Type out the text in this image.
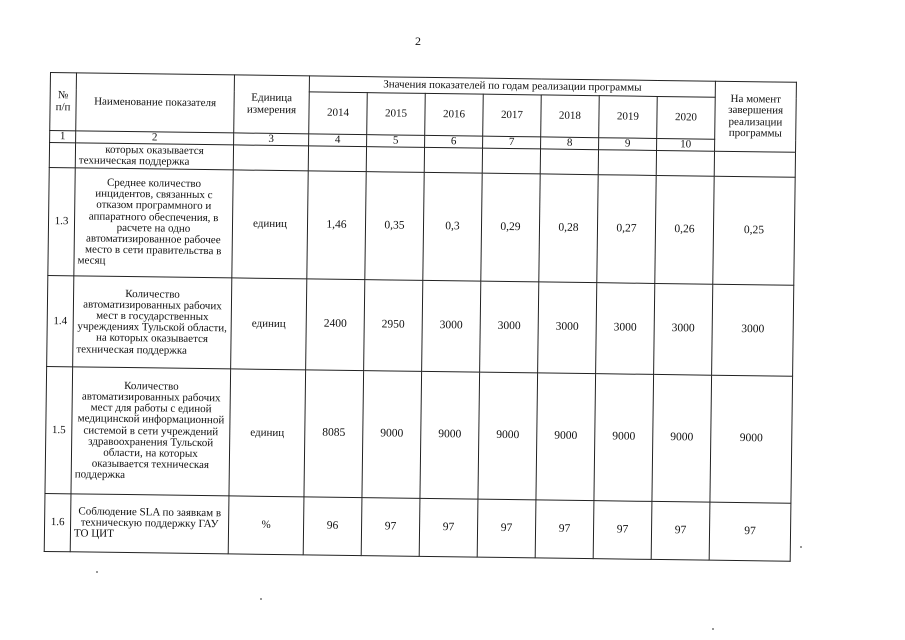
2
№ п/п	Наименование показателя	Единица измерения	Значения показателей по годам реализации программы							На момент завершения реализации программы
			2014	2015	2016	2017	2018	2019	2020	
1	2	3	4	5	6	7	8	9	10	
	которых оказывается техническая поддержка									
1.3	Среднее количество инцидентов, связанных с отказом программного и аппаратного обеспечения, в расчете на одно автоматизированное рабочее место в сети правительства в месяц	единиц	1,46	0,35	0,3	0,29	0,28	0,27	0,26	0,25
1.4	Количество автоматизированных рабочих мест в государственных учреждениях Тульской области, на которых оказывается техническая поддержка	единиц	2400	2950	3000	3000	3000	3000	3000	3000
1.5	Количество автоматизированных рабочих мест для работы с единой медицинской информационной системой в сети учреждений здравоохранения Тульской области, на которых оказывается техническая поддержка	единиц	8085	9000	9000	9000	9000	9000	9000	9000
1.6	Соблюдение SLA по заявкам в техническую поддержку ГАУ ТО ЦИТ	%	96	97	97	97	97	97	97	97
